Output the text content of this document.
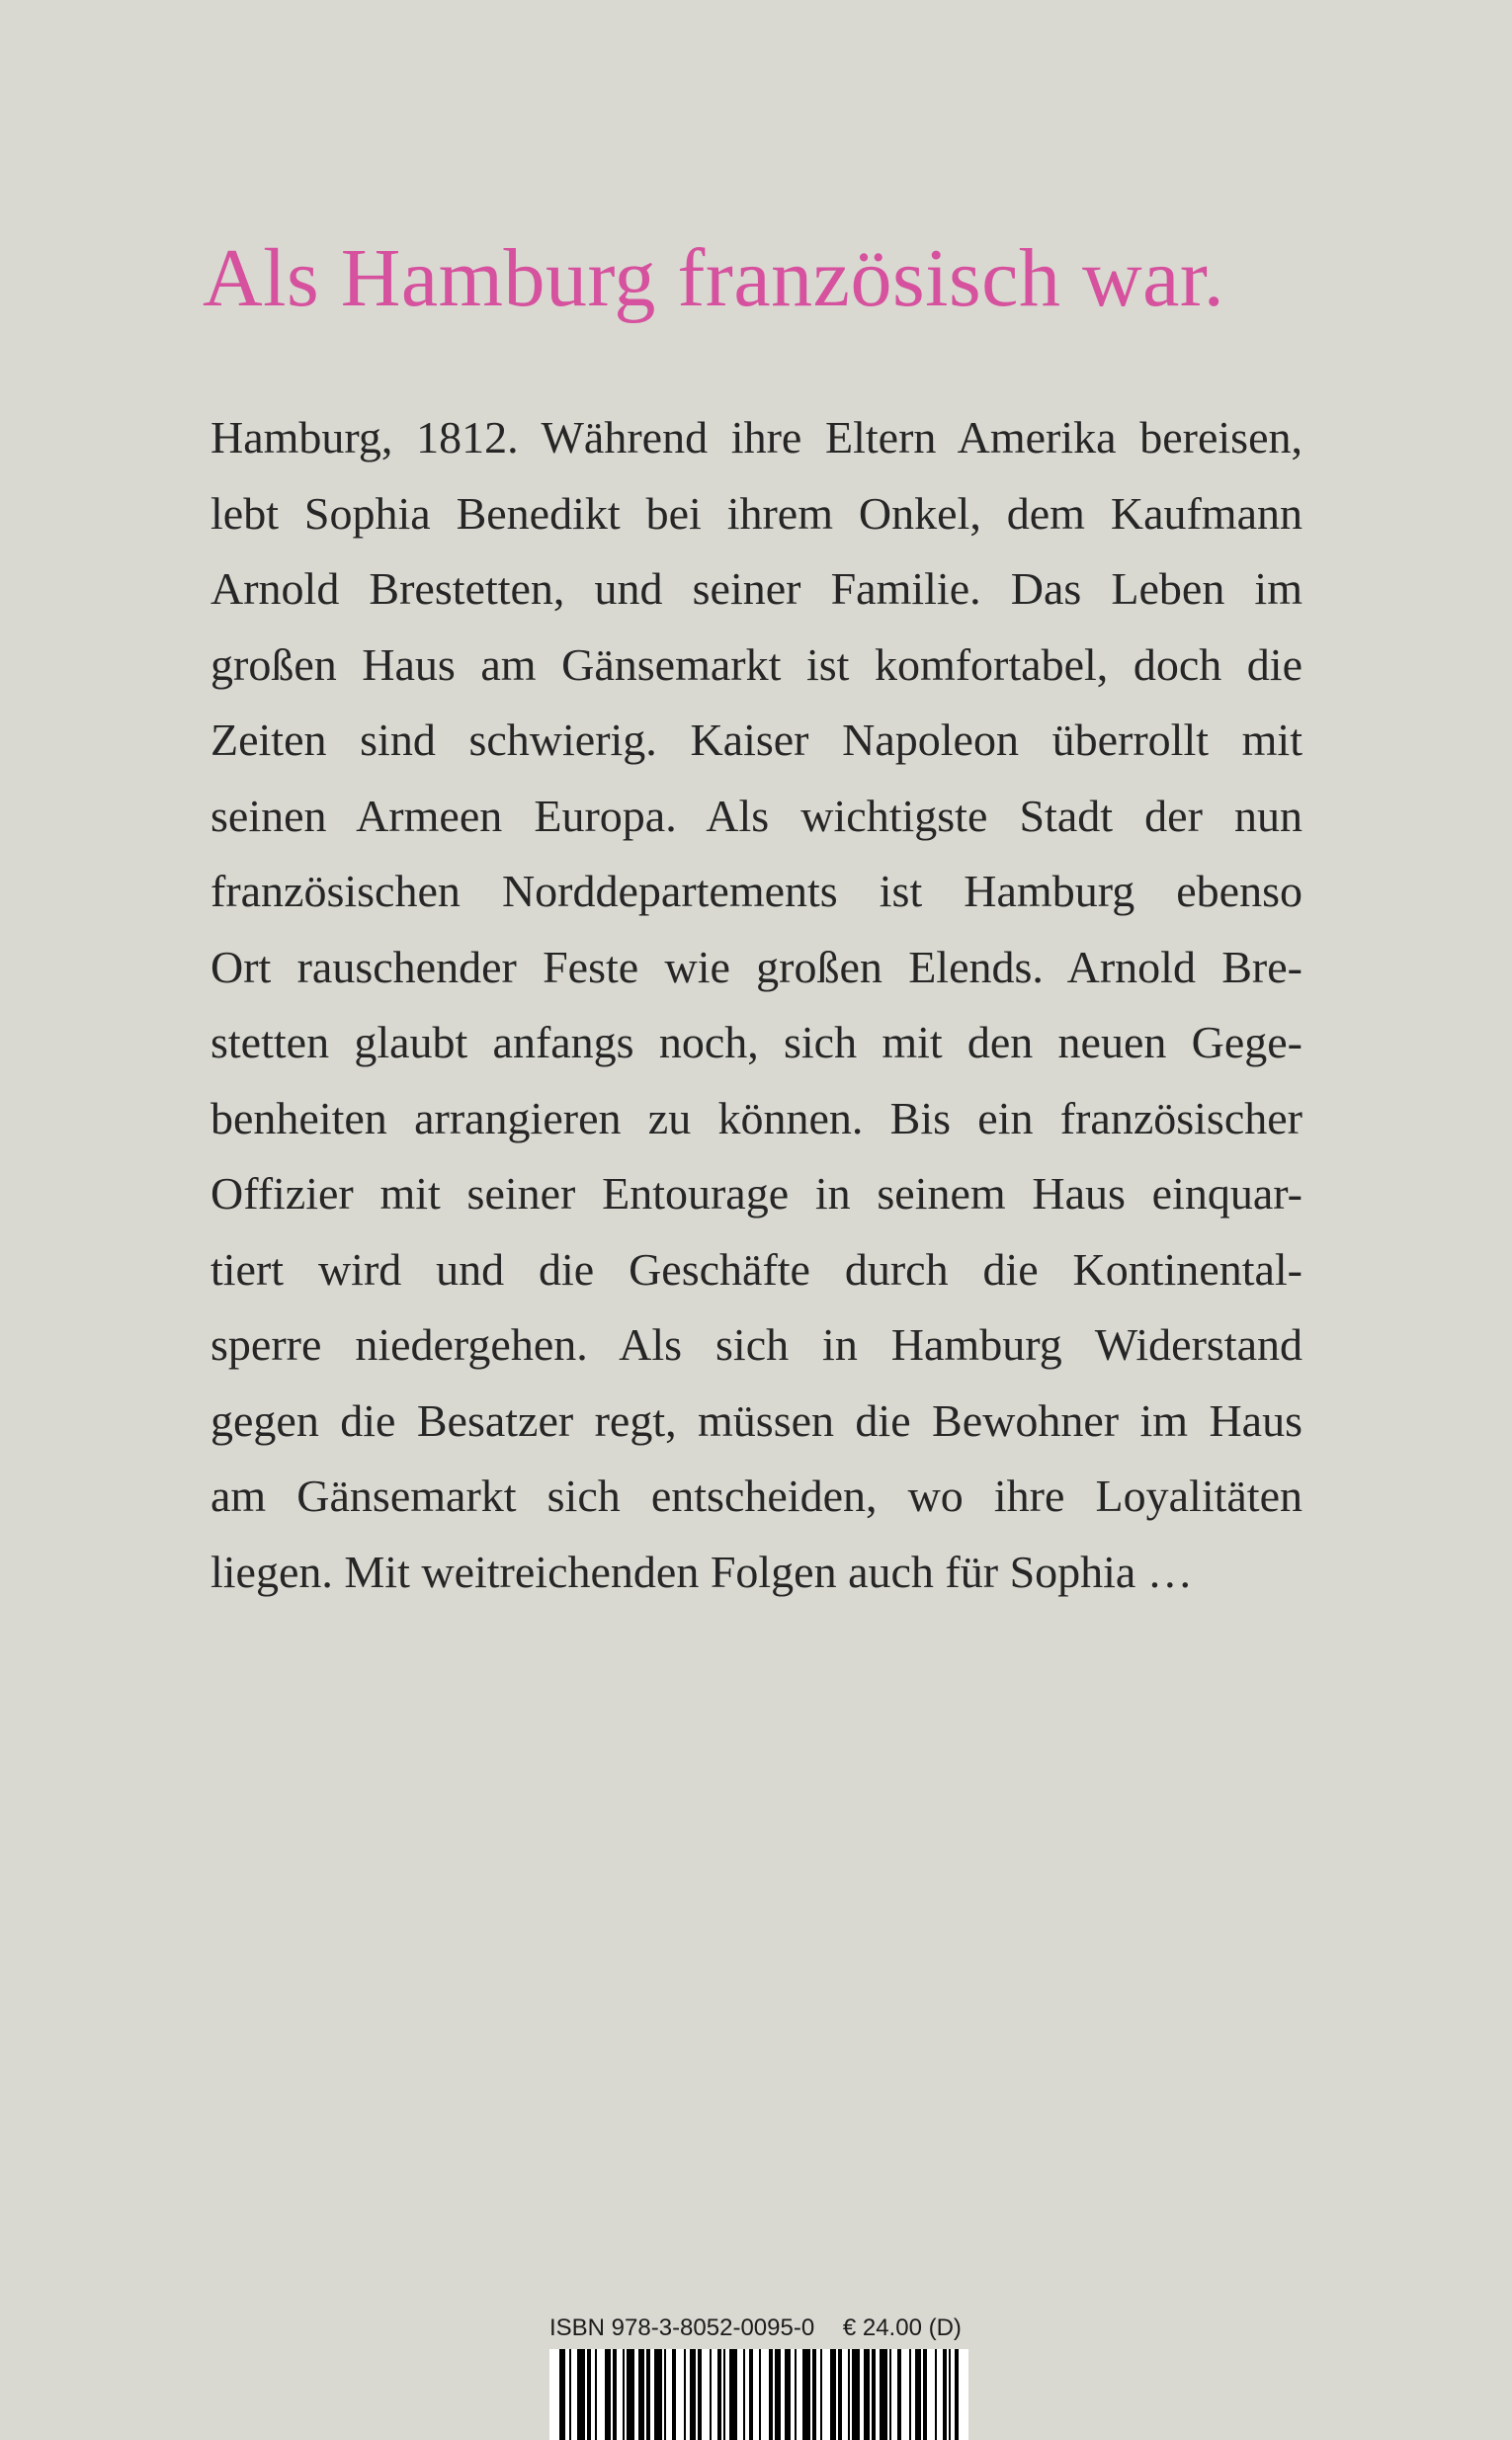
Als Hamburg französisch war.
Hamburg, 1812. Während ihre Eltern Amerika bereisen,
lebt Sophia Benedikt bei ihrem Onkel, dem Kaufmann
Arnold Brestetten, und seiner Familie. Das Leben im
großen Haus am Gänsemarkt ist komfortabel, doch die
Zeiten sind schwierig. Kaiser Napoleon überrollt mit
seinen Armeen Europa. Als wichtigste Stadt der nun
französischen Norddepartements ist Hamburg ebenso
Ort rauschender Feste wie großen Elends. Arnold Bre-
stetten glaubt anfangs noch, sich mit den neuen Gege-
benheiten arrangieren zu können. Bis ein französischer
Offizier mit seiner Entourage in seinem Haus einquar-
tiert wird und die Geschäfte durch die Kontinental-
sperre niedergehen. Als sich in Hamburg Widerstand
gegen die Besatzer regt, müssen die Bewohner im Haus
am Gänsemarkt sich entscheiden, wo ihre Loyalitäten
liegen. Mit weitreichenden Folgen auch für Sophia …
ISBN 978-3-8052-0095-0 € 24.00 (D)
